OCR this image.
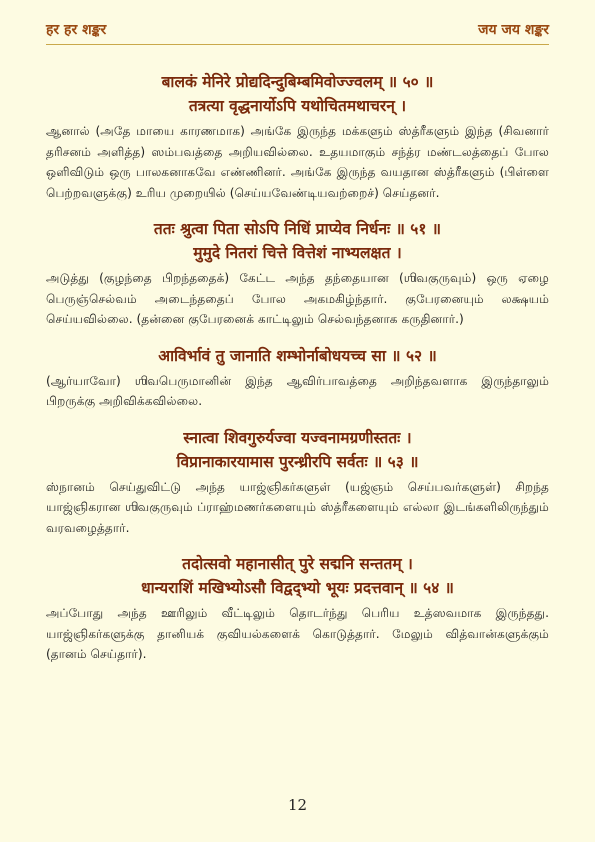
हर हर शङ्कर	जय जय शङ्कर
बालकं मेनिरे प्रोद्यदिन्दुबिम्बमिवोज्ज्वलम् ॥ ५० ॥
तत्रत्या वृद्धनार्योऽपि यथोचितमथाचरन् ।
ஆனால் (அதே மாயை காரணமாக) அங்கே இருந்த மக்களும் ஸ்த்ரீகளும் இந்த (சிவனார் தரிசனம் அளித்த) ஸம்பவத்தை அறியவில்லை. உதயமாகும் சந்த்ர மண்டலத்தைப் போல ஒளிவிடும் ஒரு பாலகனாகவே எண்ணினர். அங்கே இருந்த வயதான ஸ்த்ரீகளும் (பிள்ளை பெற்றவளுக்கு) உரிய முறையில் (செய்யவேண்டியவற்றைச்) செய்தனர்.
ततः श्रुत्वा पिता सोऽपि निधिं प्राप्येव निर्धनः ॥ ५१ ॥
मुमुदे नितरां चित्ते वित्तेशं नाभ्यलक्षत ।
அடுத்து (குழந்தை பிறந்ததைக்) கேட்ட அந்த தந்தையான (ஶிவகுருவும்) ஒரு ஏழை பெருஞ்செல்வம் அடைந்ததைப் போல அகமகிழ்ந்தார். குபேரனையும் லக்ஷயம் செய்யவில்லை. (தன்னை குபேரனைக் காட்டிலும் செல்வந்தனாக கருதினார்.)
आविर्भावं तु जानाति शम्भोर्नाबोधयच्च सा ॥ ५२ ॥
(ஆர்யாவோ) ஶிவபெருமானின் இந்த ஆவிர்பாவத்தை அறிந்தவளாக இருந்தாலும் பிறருக்கு அறிவிக்கவில்லை.
स्नात्वा शिवगुरुर्यज्वा यज्वनामग्रणीस्ततः ।
विप्रानाकारयामास पुरन्ध्रीरपि सर्वतः ॥ ५३ ॥
ஸ்நானம் செய்துவிட்டு அந்த யாஜ்ஞிகர்களுள் (யஜ்ஞம் செய்பவர்களுள்) சிறந்த யாஜ்ஞிகரான ஶிவகுருவும் ப்ராஹ்மணர்களையும் ஸ்த்ரீகளையும் எல்லா இடங்களிலிருந்தும் வரவழைத்தார்.
तदोत्सवो महानासीत् पुरे सद्मनि सन्ततम् ।
धान्यराशिं मखिभ्योऽसौ विद्वद्भ्यो भूयः प्रदत्तवान् ॥ ५४ ॥
அப்போது அந்த ஊரிலும் வீட்டிலும் தொடர்ந்து பெரிய உத்ஸவமாக இருந்தது. யாஜ்ஞிகர்களுக்கு தானியக் குவியல்களைக் கொடுத்தார். மேலும் வித்வான்களுக்கும் (தானம் செய்தார்).
12
